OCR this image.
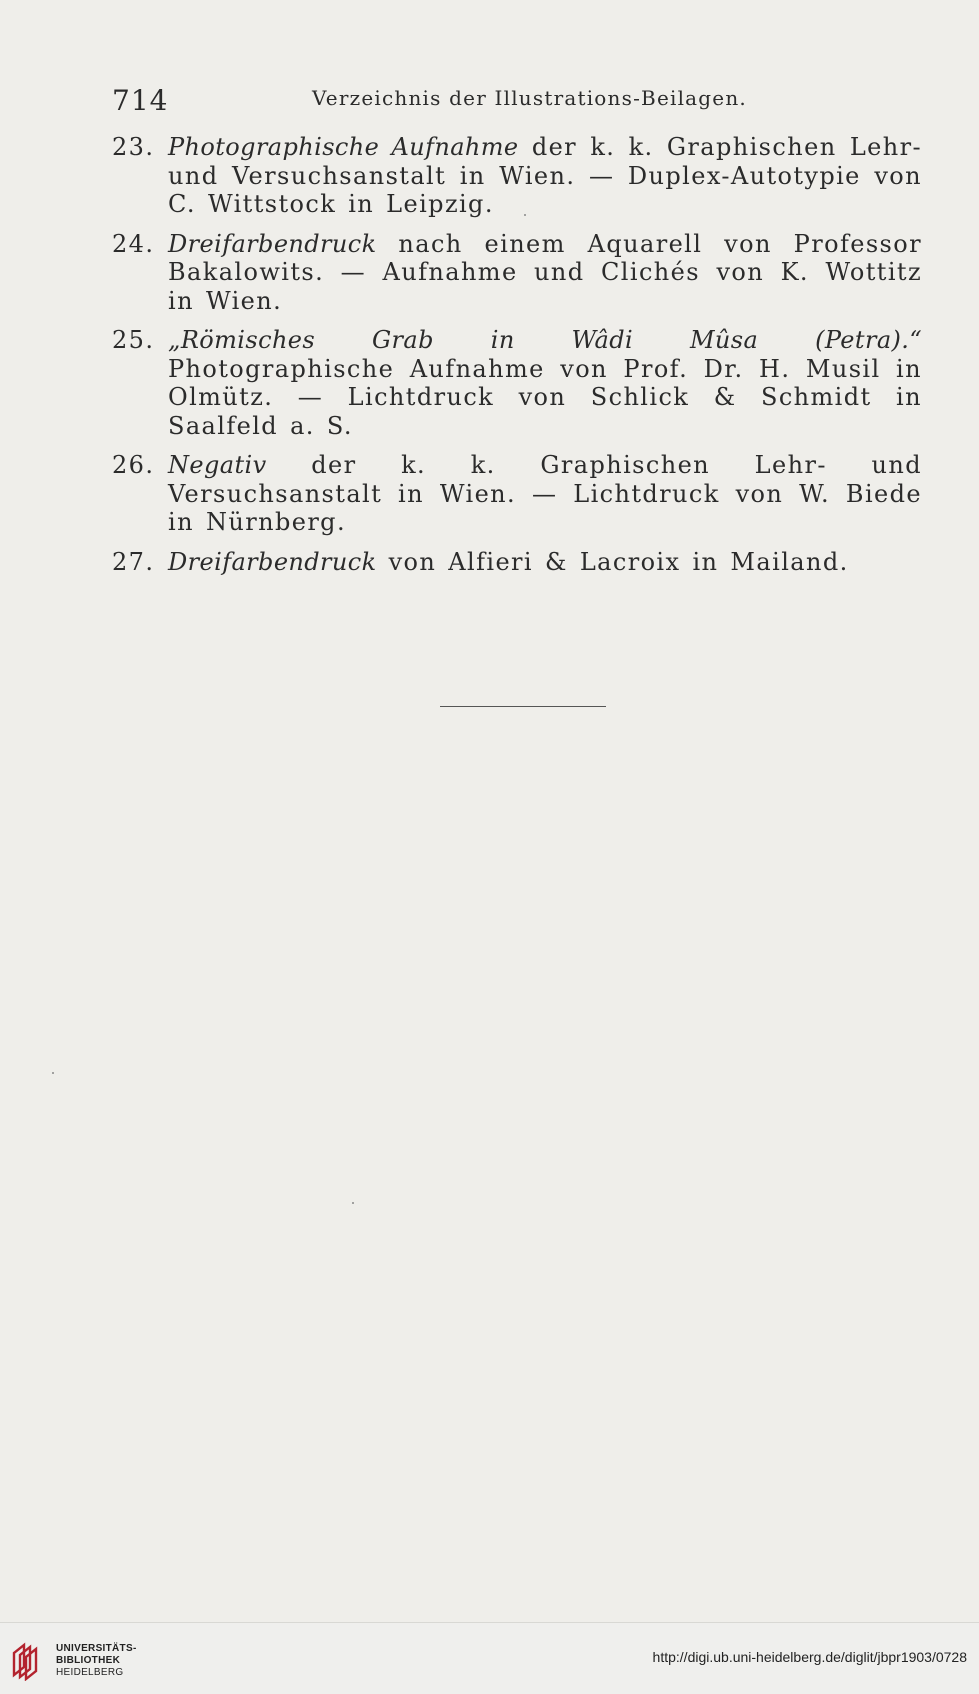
714	Verzeichnis der Illustrations-Beilagen.
23. Photographische Aufnahme der k. k. Graphischen Lehr- und Versuchsanstalt in Wien. — Duplex-Autotypie von C. Wittstock in Leipzig.
24. Dreifarbendruck nach einem Aquarell von Professor Bakalowits. — Aufnahme und Clichés von K. Wottitz in Wien.
25. „Römisches Grab in Wâdi Mûsa (Petra).“ Photographische Aufnahme von Prof. Dr. H. Musil in Olmütz. — Lichtdruck von Schlick & Schmidt in Saalfeld a. S.
26. Negativ der k. k. Graphischen Lehr- und Versuchsanstalt in Wien. — Lichtdruck von W. Biede in Nürnberg.
27. Dreifarbendruck von Alfieri & Lacroix in Mailand.
UNIVERSITÄTS-
BIBLIOTHEK
HEIDELBERG
http://digi.ub.uni-heidelberg.de/diglit/jbpr1903/0728
